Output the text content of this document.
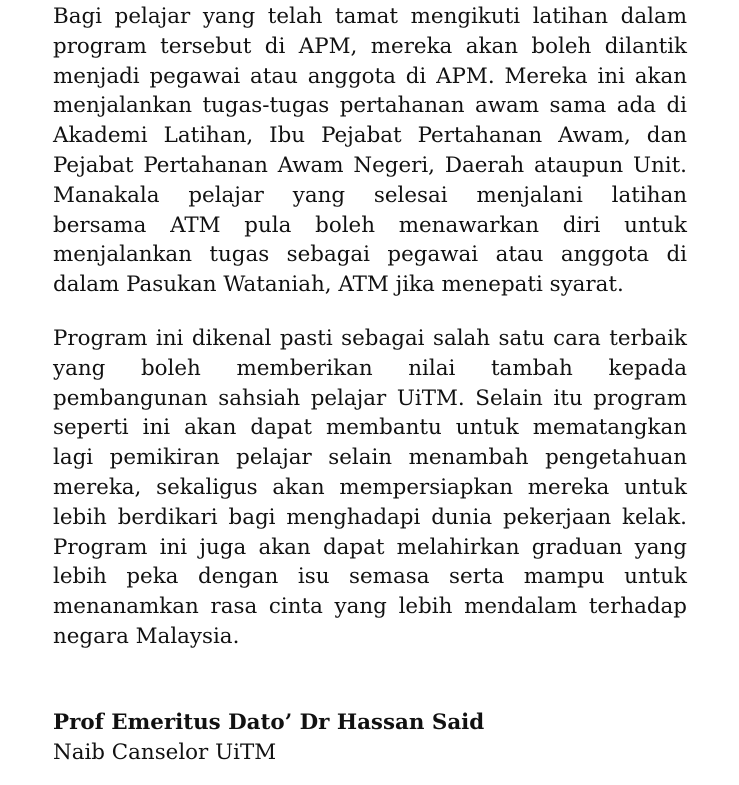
Bagi pelajar yang telah tamat mengikuti latihan dalam

program tersebut di APM, mereka akan boleh dilantik

menjadi pegawai atau anggota di APM. Mereka ini akan

menjalankan tugas-tugas pertahanan awam sama ada di

Akademi Latihan, Ibu Pejabat Pertahanan Awam, dan

Pejabat Pertahanan Awam Negeri, Daerah ataupun Unit.

Manakala pelajar yang selesai menjalani latihan

bersama ATM pula boleh menawarkan diri untuk

menjalankan tugas sebagai pegawai atau anggota di

dalam Pasukan Wataniah, ATM jika menepati syarat.

Program ini dikenal pasti sebagai salah satu cara terbaik

yang boleh memberikan nilai tambah kepada

pembangunan sahsiah pelajar UiTM. Selain itu program

seperti ini akan dapat membantu untuk mematangkan

lagi pemikiran pelajar selain menambah pengetahuan

mereka, sekaligus akan mempersiapkan mereka untuk

lebih berdikari bagi menghadapi dunia pekerjaan kelak.

Program ini juga akan dapat melahirkan graduan yang

lebih peka dengan isu semasa serta mampu untuk

menanamkan rasa cinta yang lebih mendalam terhadap

negara Malaysia.

Prof Emeritus Dato’ Dr Hassan Said
Naib Canselor UiTM
